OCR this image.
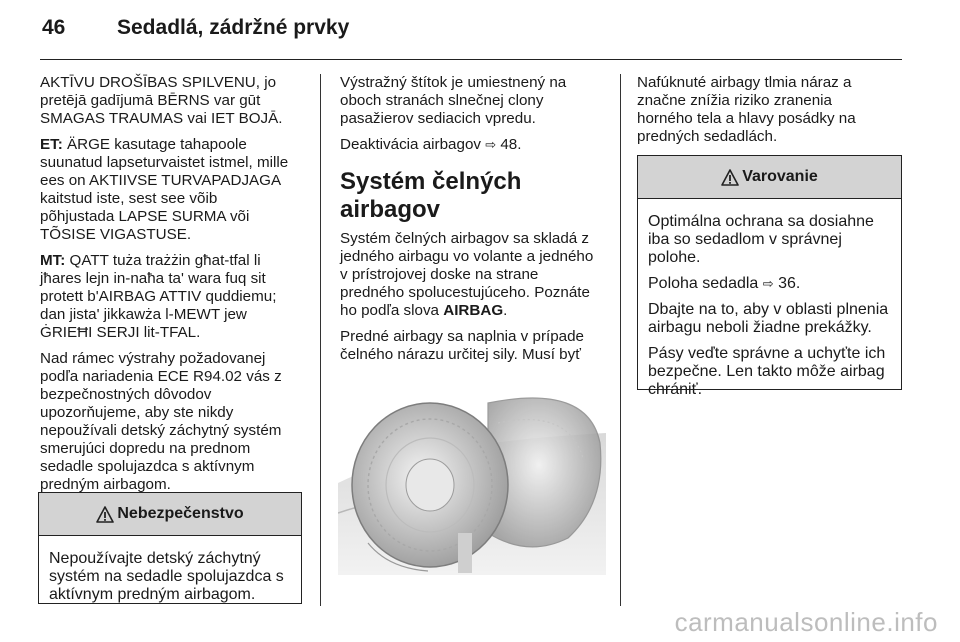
46 Sedadlá, zádržné prvky

AKTĪVU DROŠĪBAS SPILVENU, jo
pretējā gadījumā BĒRNS var gūt
SMAGAS TRAUMAS vai IET BOJĀ.

ET: ÄRGE kasutage tahapoole
suunatud lapseturvaistet istmel, mille
ees on AKTIIVSE TURVAPADJAGA
kaitstud iste, sest see võib
põhjustada LAPSE SURMA või
TÕSISE VIGASTUSE.

MT: QATT tuża trażżin għat-tfal li
jħares lejn in-naħa ta' wara fuq sit
protett b'AIRBAG ATTIV quddiemu;
dan jista' jikkawża l-MEWT jew
ĠRIEĦI SERJI lit-TFAL.

Nad rámec výstrahy požadovanej
podľa nariadenia ECE R94.02 vás z
bezpečnostných dôvodov
upozorňujeme, aby ste nikdy
nepoužívali detský záchytný systém
smerujúci dopredu na prednom
sedadle spolujazdca s aktívnym
predným airbagom.

Nebezpečenstvo

Nepoužívajte detský záchytný
systém na sedadle spolujazdca s
aktívnym predným airbagom.

Výstražný štítok je umiestnený na
oboch stranách slnečnej clony
pasažierov sediacich vpredu.

Deaktivácia airbagov ⇨ 48.

Systém čelných airbagov

Systém čelných airbagov sa skladá z
jedného airbagu vo volante a jedného
v prístrojovej doske na strane
predného spolucestujúceho. Poznáte
ho podľa slova AIRBAG.

Predné airbagy sa naplnia v prípade
čelného nárazu určitej sily. Musí byť

Nafúknuté airbagy tlmia náraz a
značne znížia riziko zranenia
horného tela a hlavy posádky na
predných sedadlách.

Varovanie

Optimálna ochrana sa dosiahne
iba so sedadlom v správnej
polohe.

Poloha sedadla ⇨ 36.

Dbajte na to, aby v oblasti plnenia
airbagu neboli žiadne prekážky.

Pásy veďte správne a uchyťte ich
bezpečne. Len takto môže airbag
chrániť.

carmanualsonline.info
